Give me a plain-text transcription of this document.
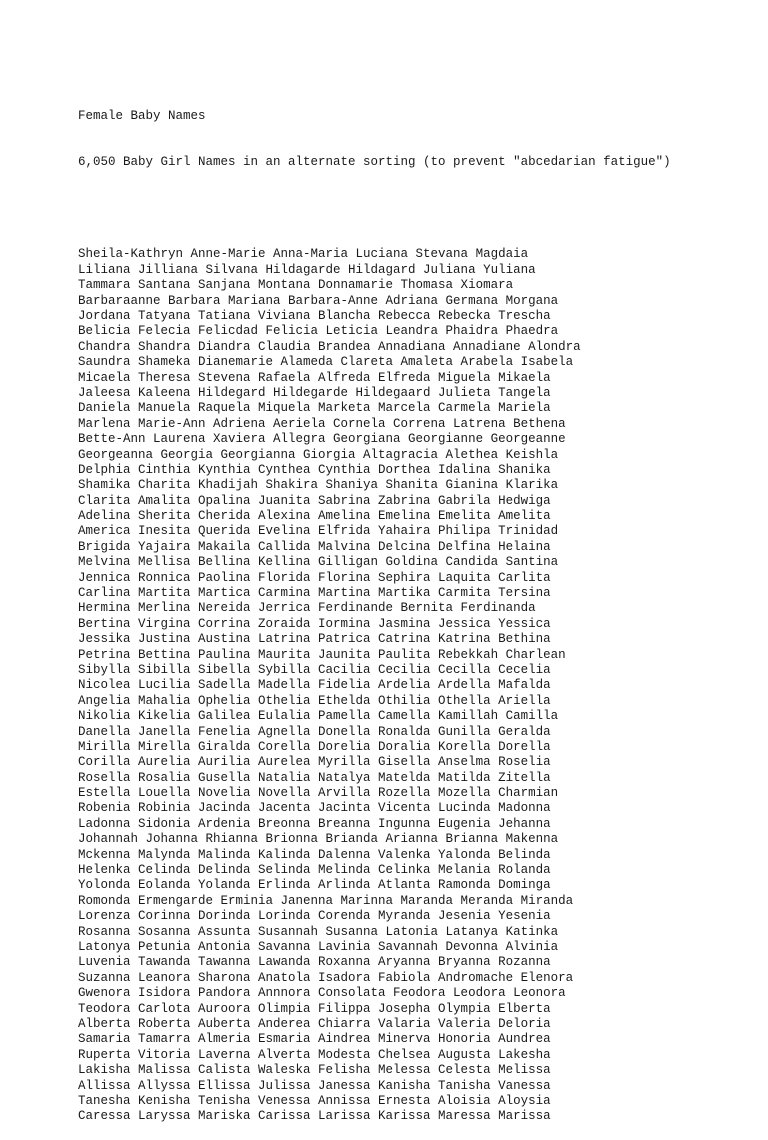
Female Baby Names

6,050 Baby Girl Names in an alternate sorting (to prevent "abcedarian fatigue")

Sheila-Kathryn Anne-Marie Anna-Maria Luciana Stevana Magdaia
Liliana Jilliana Silvana Hildagarde Hildagard Juliana Yuliana
Tammara Santana Sanjana Montana Donnamarie Thomasa Xiomara
Barbaraanne Barbara Mariana Barbara-Anne Adriana Germana Morgana
Jordana Tatyana Tatiana Viviana Blancha Rebecca Rebecka Trescha
Belicia Felecia Felicdad Felicia Leticia Leandra Phaidra Phaedra
Chandra Shandra Diandra Claudia Brandea Annadiana Annadiane Alondra
Saundra Shameka Dianemarie Alameda Clareta Amaleta Arabela Isabela
Micaela Theresa Stevena Rafaela Alfreda Elfreda Miguela Mikaela
Jaleesa Kaleena Hildegard Hildegarde Hildegaard Julieta Tangela
Daniela Manuela Raquela Miquela Marketa Marcela Carmela Mariela
Marlena Marie-Ann Adriena Aeriela Cornela Correna Latrena Bethena
Bette-Ann Laurena Xaviera Allegra Georgiana Georgianne Georgeanne
Georgeanna Georgia Georgianna Giorgia Altagracia Alethea Keishla
Delphia Cinthia Kynthia Cynthea Cynthia Dorthea Idalina Shanika
Shamika Charita Khadijah Shakira Shaniya Shanita Gianina Klarika
Clarita Amalita Opalina Juanita Sabrina Zabrina Gabrila Hedwiga
Adelina Sherita Cherida Alexina Amelina Emelina Emelita Amelita
America Inesita Querida Evelina Elfrida Yahaira Philipa Trinidad
Brigida Yajaira Makaila Callida Malvina Delcina Delfina Helaina
Melvina Mellisa Bellina Kellina Gilligan Goldina Candida Santina
Jennica Ronnica Paolina Florida Florina Sephira Laquita Carlita
Carlina Martita Martica Carmina Martina Martika Carmita Tersina
Hermina Merlina Nereida Jerrica Ferdinande Bernita Ferdinanda
Bertina Virgina Corrina Zoraida Iormina Jasmina Jessica Yessica
Jessika Justina Austina Latrina Patrica Catrina Katrina Bethina
Petrina Bettina Paulina Maurita Jaunita Paulita Rebekkah Charlean
Sibylla Sibilla Sibella Sybilla Cacilia Cecilia Cecilla Cecelia
Nicolea Lucilia Sadella Madella Fidelia Ardelia Ardella Mafalda
Angelia Mahalia Ophelia Othelia Ethelda Othilia Othella Ariella
Nikolia Kikelia Galilea Eulalia Pamella Camella Kamillah Camilla
Danella Janella Fenelia Agnella Donella Ronalda Gunilla Geralda
Mirilla Mirella Giralda Corella Dorelia Doralia Korella Dorella
Corilla Aurelia Aurilia Aurelea Myrilla Gisella Anselma Roselia
Rosella Rosalia Gusella Natalia Natalya Matelda Matilda Zitella
Estella Louella Novelia Novella Arvilla Rozella Mozella Charmian
Robenia Robinia Jacinda Jacenta Jacinta Vicenta Lucinda Madonna
Ladonna Sidonia Ardenia Breonna Breanna Ingunna Eugenia Jehanna
Johannah Johanna Rhianna Brionna Brianda Arianna Brianna Makenna
Mckenna Malynda Malinda Kalinda Dalenna Valenka Yalonda Belinda
Helenka Celinda Delinda Selinda Melinda Celinka Melania Rolanda
Yolonda Eolanda Yolanda Erlinda Arlinda Atlanta Ramonda Dominga
Romonda Ermengarde Erminia Janenna Marinna Maranda Meranda Miranda
Lorenza Corinna Dorinda Lorinda Corenda Myranda Jesenia Yesenia
Rosanna Sosanna Assunta Susannah Susanna Latonia Latanya Katinka
Latonya Petunia Antonia Savanna Lavinia Savannah Devonna Alvinia
Luvenia Tawanda Tawanna Lawanda Roxanna Aryanna Bryanna Rozanna
Suzanna Leanora Sharona Anatola Isadora Fabiola Andromache Elenora
Gwenora Isidora Pandora Annnora Consolata Feodora Leodora Leonora
Teodora Carlota Auroora Olimpia Filippa Josepha Olympia Elberta
Alberta Roberta Auberta Anderea Chiarra Valaria Valeria Deloria
Samaria Tamarra Almeria Esmaria Aindrea Minerva Honoria Aundrea
Ruperta Vitoria Laverna Alverta Modesta Chelsea Augusta Lakesha
Lakisha Malissa Calista Waleska Felisha Melessa Celesta Melissa
Allissa Allyssa Ellissa Julissa Janessa Kanisha Tanisha Vanessa
Tanesha Kenisha Tenisha Venessa Annissa Ernesta Aloisia Aloysia
Caressa Laryssa Mariska Carissa Larissa Karissa Maressa Marissa
